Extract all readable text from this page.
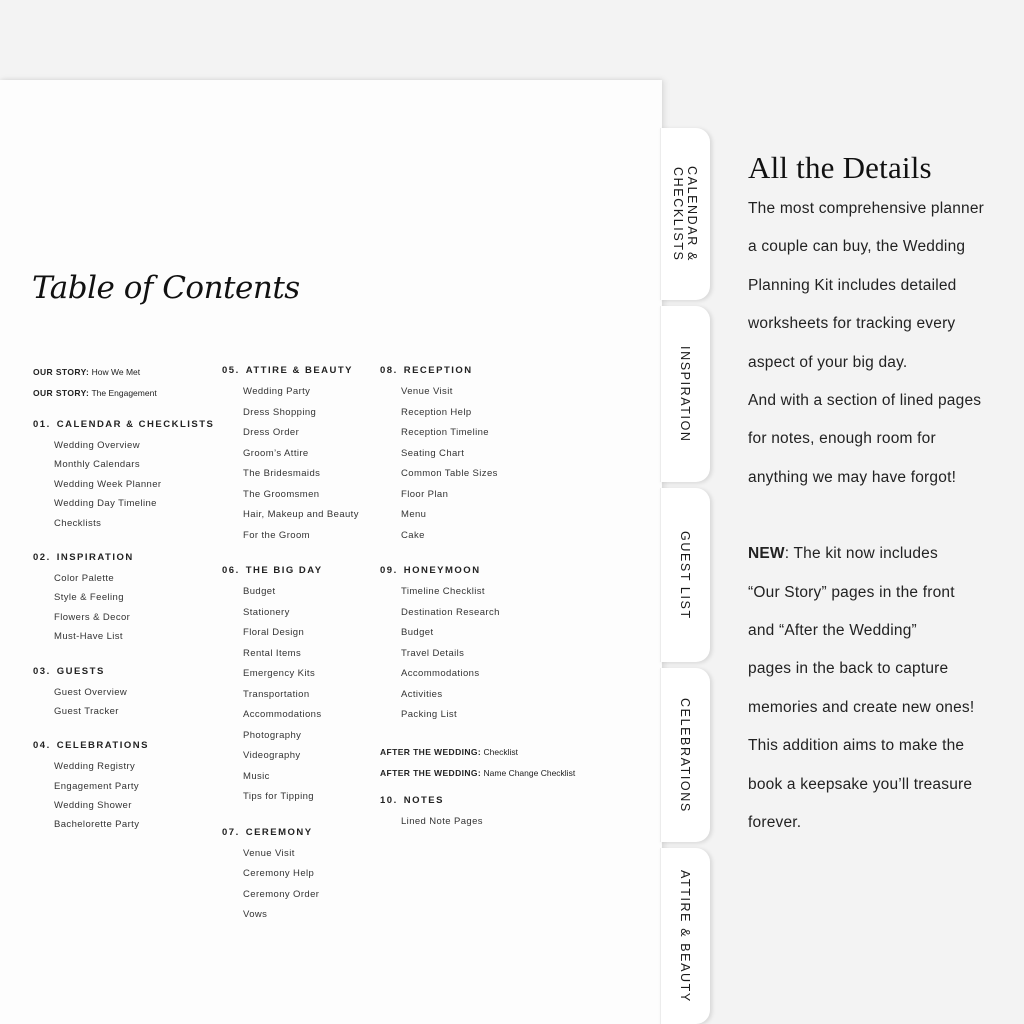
Table of Contents
OUR STORY: How We Met
OUR STORY: The Engagement
01. CALENDAR & CHECKLISTS
Wedding Overview
Monthly Calendars
Wedding Week Planner
Wedding Day Timeline
Checklists
02. INSPIRATION
Color Palette
Style & Feeling
Flowers & Decor
Must-Have List
03. GUESTS
Guest Overview
Guest Tracker
04. CELEBRATIONS
Wedding Registry
Engagement Party
Wedding Shower
Bachelorette Party
05. ATTIRE & BEAUTY
Wedding Party
Dress Shopping
Dress Order
Groom’s Attire
The Bridesmaids
The Groomsmen
Hair, Makeup and Beauty
For the Groom
06. THE BIG DAY
Budget
Stationery
Floral Design
Rental Items
Emergency Kits
Transportation
Accommodations
Photography
Videography
Music
Tips for Tipping
07. CEREMONY
Venue Visit
Ceremony Help
Ceremony Order
Vows
08. RECEPTION
Venue Visit
Reception Help
Reception Timeline
Seating Chart
Common Table Sizes
Floor Plan
Menu
Cake
09. HONEYMOON
Timeline Checklist
Destination Research
Budget
Travel Details
Accommodations
Activities
Packing List
AFTER THE WEDDING: Checklist
AFTER THE WEDDING: Name Change Checklist
10. NOTES
Lined Note Pages
CALENDAR &
CHECKLISTS
INSPIRATION
GUEST LIST
CELEBRATIONS
ATTIRE & BEAUTY
All the Details

The most comprehensive planner

a couple can buy, the Wedding

Planning Kit includes detailed

worksheets for tracking every

aspect of your big day.

And with a section of lined pages

for notes, enough room for

anything we may have forgot!

NEW: The kit now includes

“Our Story” pages in the front

and “After the Wedding”

pages in the back to capture

memories and create new ones!

This addition aims to make the

book a keepsake you’ll treasure

forever.
